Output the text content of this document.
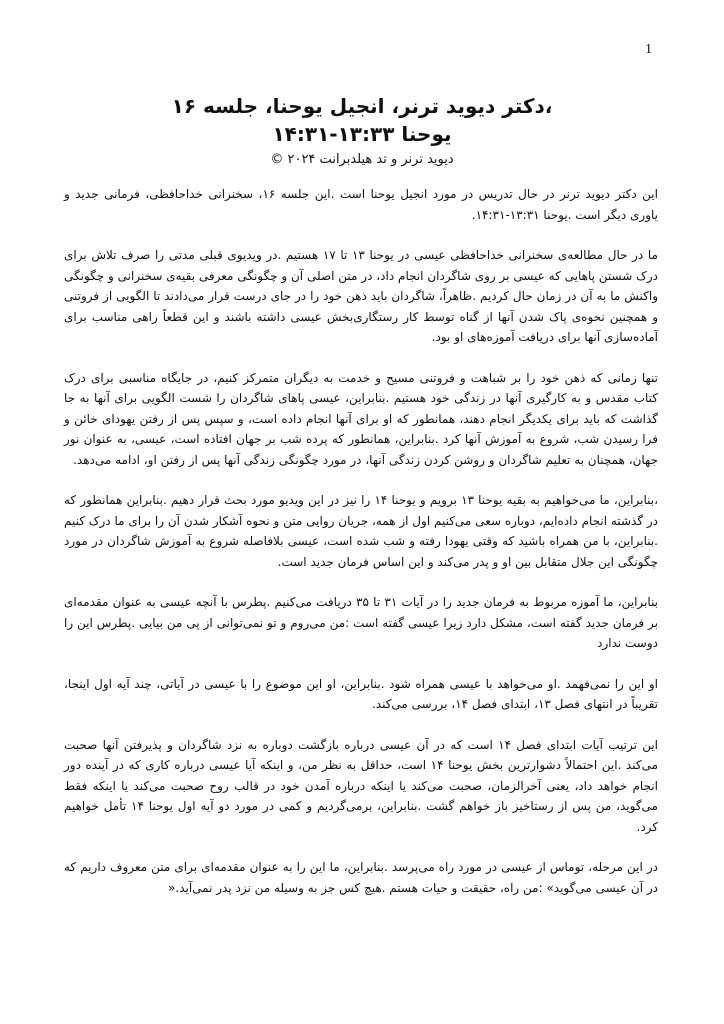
1
،دکتر دیوید ترنر، انجیل یوحنا، جلسه ۱۶
یوحنا ۱۳:۳۳-۱۴:۳۱

دیوید ترنر و تد هیلدبرانت ۲۰۲۴ ©

این دکتر دیوید ترنر در حال تدریس در مورد انجیل یوحنا است .این جلسه ۱۶، سخنرانی خداحافظی، فرمانی جدید و یاوری دیگر است .یوحنا ۱۳:۳۱-۱۴:۳۱.

ما در حال مطالعه‌ی سخنرانی خداحافظی عیسی در یوحنا ۱۳ تا ۱۷ هستیم .در ویدیوی قبلی مدتی را صرف تلاش برای درک شستن پاهایی که عیسی بر روی شاگردان انجام داد، در متن اصلی آن و چگونگی معرفی بقیه‌ی سخنرانی و چگونگی واکنش ما به آن در زمان حال کردیم .ظاهراً، شاگردان باید ذهن خود را در جای درست قرار می‌دادند تا الگویی از فروتنی و همچنین نحوه‌ی پاک شدن آنها از گناه توسط کار رستگاری‌بخش عیسی داشته باشند و این قطعاً راهی مناسب برای آماده‌سازی آنها برای دریافت آموزه‌های او بود.

تنها زمانی که ذهن خود را بر شباهت و فروتنی مسیح و خدمت به دیگران متمرکز کنیم، در جایگاه مناسبی برای درک کتاب مقدس و به کارگیری آنها در زندگی خود هستیم .بنابراین، عیسی پاهای شاگردان را شست الگویی برای آنها به جا گذاشت که باید برای یکدیگر انجام دهند، همانطور که او برای آنها انجام داده است، و سپس پس از رفتن یهودای خائن و فرا رسیدن شب، شروع به آموزش آنها کرد .بنابراین، همانطور که پرده شب بر جهان افتاده است، عیسی، به عنوان نور جهان، همچنان به تعلیم شاگردان و روشن کردن زندگی آنها، در مورد چگونگی زندگی آنها پس از رفتن او، ادامه می‌دهد.

،بنابراین، ما می‌خواهیم به بقیه یوحنا ۱۳ برویم و یوحنا ۱۴ را نیز در این ویدیو مورد بحث قرار دهیم .بنابراین همانطور که در گذشته انجام داده‌ایم، دوباره سعی می‌کنیم اول از همه، جریان روایی متن و نحوه آشکار شدن آن را برای ما درک کنیم .بنابراین، با من همراه باشید که وقتی یهودا رفته و شب شده است، عیسی بلافاصله شروع به آموزش شاگردان در مورد چگونگی این جلال متقابل بین او و پدر می‌کند و این اساس فرمان جدید است.

بنابراین، ما آموزه مربوط به فرمان جدید را در آیات ۳۱ تا ۳۵ دریافت می‌کنیم .پطرس با آنچه عیسی به عنوان مقدمه‌ای بر فرمان جدید گفته است، مشکل دارد زیرا عیسی گفته است :من می‌روم و تو نمی‌توانی از پی من بیایی .پطرس این را دوست ندارد

او این را نمی‌فهمد .او می‌خواهد با عیسی همراه شود .بنابراین، او این موضوع را با عیسی در آیاتی، چند آیه اول اینجا، تقریباً در انتهای فصل ۱۳، ابتدای فصل ۱۴، بررسی می‌کند.

این ترتیب آیات ابتدای فصل ۱۴ است که در آن عیسی درباره بازگشت دوباره به نزد شاگردان و پذیرفتن آنها صحبت می‌کند .این احتمالاً دشوارترین بخش یوحنا ۱۴ است، حداقل به نظر من، و اینکه آیا عیسی درباره کاری که در آینده دور انجام خواهد داد، یعنی آخرالزمان، صحبت می‌کند یا اینکه درباره آمدن خود در قالب روح صحبت می‌کند یا اینکه فقط می‌گوید، من پس از رستاخیز باز خواهم گشت .بنابراین، برمی‌گردیم و کمی در مورد دو آیه اول یوحنا ۱۴ تأمل خواهیم کرد.

در این مرحله، توماس از عیسی در مورد راه می‌پرسد .بنابراین، ما این را به عنوان مقدمه‌ای برای متن معروف داریم که در آن عیسی می‌گوید» :من راه، حقیقت و حیات هستم .هیچ کس جز به وسیله من نزد پدر نمی‌آید.«
